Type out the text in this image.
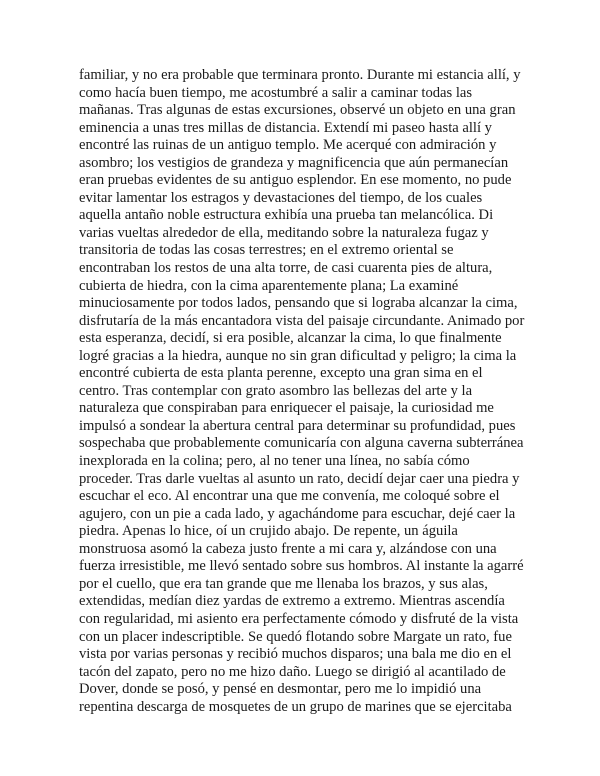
familiar, y no era probable que terminara pronto. Durante mi estancia allí, y
como hacía buen tiempo, me acostumbré a salir a caminar todas las
mañanas. Tras algunas de estas excursiones, observé un objeto en una gran
eminencia a unas tres millas de distancia. Extendí mi paseo hasta allí y
encontré las ruinas de un antiguo templo. Me acerqué con admiración y
asombro; los vestigios de grandeza y magnificencia que aún permanecían
eran pruebas evidentes de su antiguo esplendor. En ese momento, no pude
evitar lamentar los estragos y devastaciones del tiempo, de los cuales
aquella antaño noble estructura exhibía una prueba tan melancólica. Di
varias vueltas alrededor de ella, meditando sobre la naturaleza fugaz y
transitoria de todas las cosas terrestres; en el extremo oriental se
encontraban los restos de una alta torre, de casi cuarenta pies de altura,
cubierta de hiedra, con la cima aparentemente plana; La examiné
minuciosamente por todos lados, pensando que si lograba alcanzar la cima,
disfrutaría de la más encantadora vista del paisaje circundante. Animado por
esta esperanza, decidí, si era posible, alcanzar la cima, lo que finalmente
logré gracias a la hiedra, aunque no sin gran dificultad y peligro; la cima la
encontré cubierta de esta planta perenne, excepto una gran sima en el
centro. Tras contemplar con grato asombro las bellezas del arte y la
naturaleza que conspiraban para enriquecer el paisaje, la curiosidad me
impulsó a sondear la abertura central para determinar su profundidad, pues
sospechaba que probablemente comunicaría con alguna caverna subterránea
inexplorada en la colina; pero, al no tener una línea, no sabía cómo
proceder. Tras darle vueltas al asunto un rato, decidí dejar caer una piedra y
escuchar el eco. Al encontrar una que me convenía, me coloqué sobre el
agujero, con un pie a cada lado, y agachándome para escuchar, dejé caer la
piedra. Apenas lo hice, oí un crujido abajo. De repente, un águila
monstruosa asomó la cabeza justo frente a mi cara y, alzándose con una
fuerza irresistible, me llevó sentado sobre sus hombros. Al instante la agarré
por el cuello, que era tan grande que me llenaba los brazos, y sus alas,
extendidas, medían diez yardas de extremo a extremo. Mientras ascendía
con regularidad, mi asiento era perfectamente cómodo y disfruté de la vista
con un placer indescriptible. Se quedó flotando sobre Margate un rato, fue
vista por varias personas y recibió muchos disparos; una bala me dio en el
tacón del zapato, pero no me hizo daño. Luego se dirigió al acantilado de
Dover, donde se posó, y pensé en desmontar, pero me lo impidió una
repentina descarga de mosquetes de un grupo de marines que se ejercitaba
